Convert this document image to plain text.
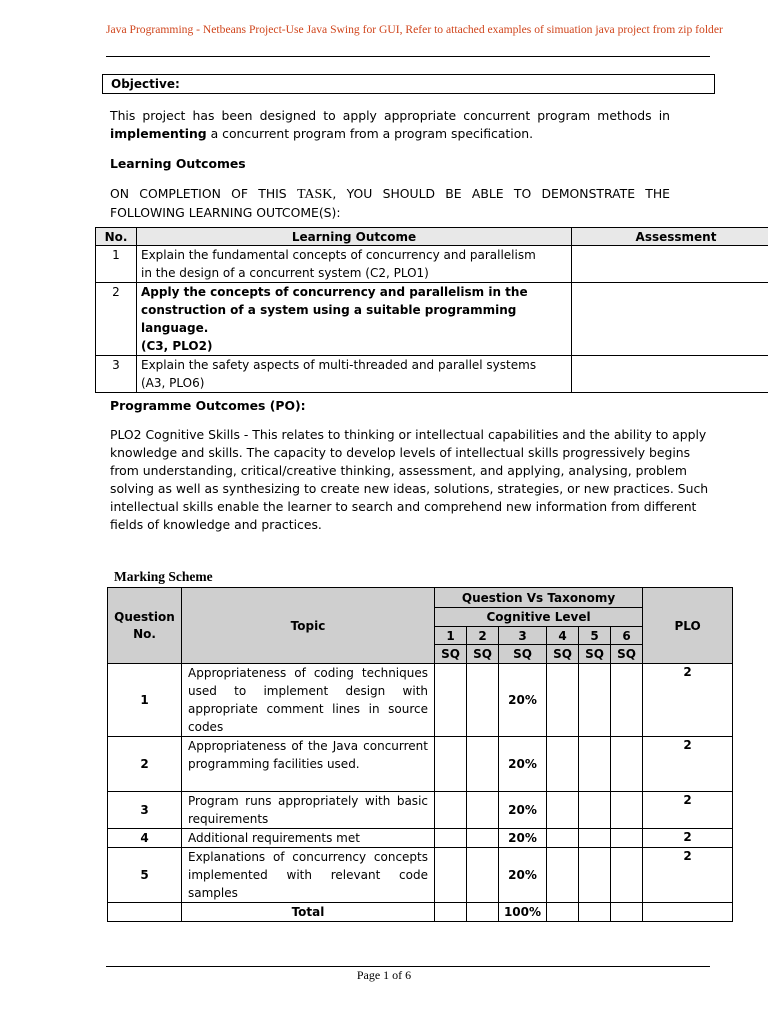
Java Programming - Netbeans Project-Use Java Swing for GUI, Refer to attached examples of simuation java project from zip folder
Objective:
This project has been designed to apply appropriate concurrent program methods in implementing a concurrent program from a program specification.
Learning Outcomes
ON COMPLETION OF THIS TASK, YOU SHOULD BE ABLE TO DEMONSTRATE THE FOLLOWING LEARNING OUTCOME(S):
No.	Learning Outcome	Assessment
1	Explain the fundamental concepts of concurrency and parallelism
in the design of a concurrent system (C2, PLO1)	

2	Apply the concepts of concurrency and parallelism in the
construction of a system using a suitable programming language.
(C3, PLO2)	

3	Explain the safety aspects of multi-threaded and parallel systems
(A3, PLO6)	

Programme Outcomes (PO):
PLO2 Cognitive Skills - This relates to thinking or intellectual capabilities and the ability to apply knowledge and skills. The capacity to develop levels of intellectual skills progressively begins from understanding, critical/creative thinking, assessment, and applying, analysing, problem solving as well as synthesizing to create new ideas, solutions, strategies, or new practices. Such intellectual skills enable the learner to search and comprehend new information from different fields of knowledge and practices.
Marking Scheme
Question No.	Topic	Question Vs Taxonomy						PLO
		Cognitive Level						
		1	2	3	4	5	6	
		SQ	SQ	SQ	SQ	SQ	SQ	
1	Appropriateness of coding techniques used to implement design with appropriate comment lines in source codes			20%				2
2	Appropriateness of the Java concurrent programming facilities used.			20%				2
3	Program runs appropriately with basic requirements			20%				2
4	Additional requirements met			20%				2
5	Explanations of concurrency concepts implemented with relevant code samples			20%				2
	Total			100%				
Page 1 of 6
